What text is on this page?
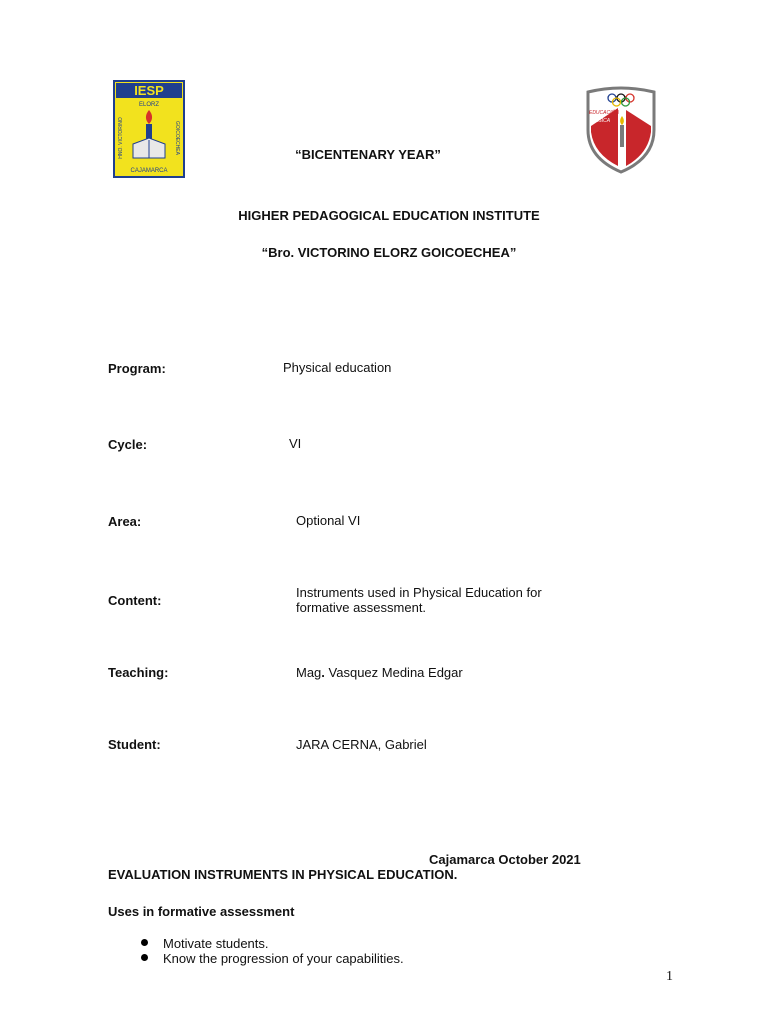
IESP
ELORZ
HNO. VICTORINO	GOICOECHEA
CAJAMARCA
EDUCACIÓN
FÍSICA
“BICENTENARY YEAR”
HIGHER PEDAGOGICAL EDUCATION INSTITUTE
“Bro. VICTORINO ELORZ GOICOECHEA”
Program:	Physical education
Cycle:	VI
Area:	Optional VI
Content:
Instruments used in Physical Education for
formative assessment.
Teaching:	Mag. Vasquez Medina Edgar
Student:	JARA CERNA, Gabriel
Cajamarca October 2021
EVALUATION INSTRUMENTS IN PHYSICAL EDUCATION.
Uses in formative assessment
Motivate students.
Know the progression of your capabilities.
1
